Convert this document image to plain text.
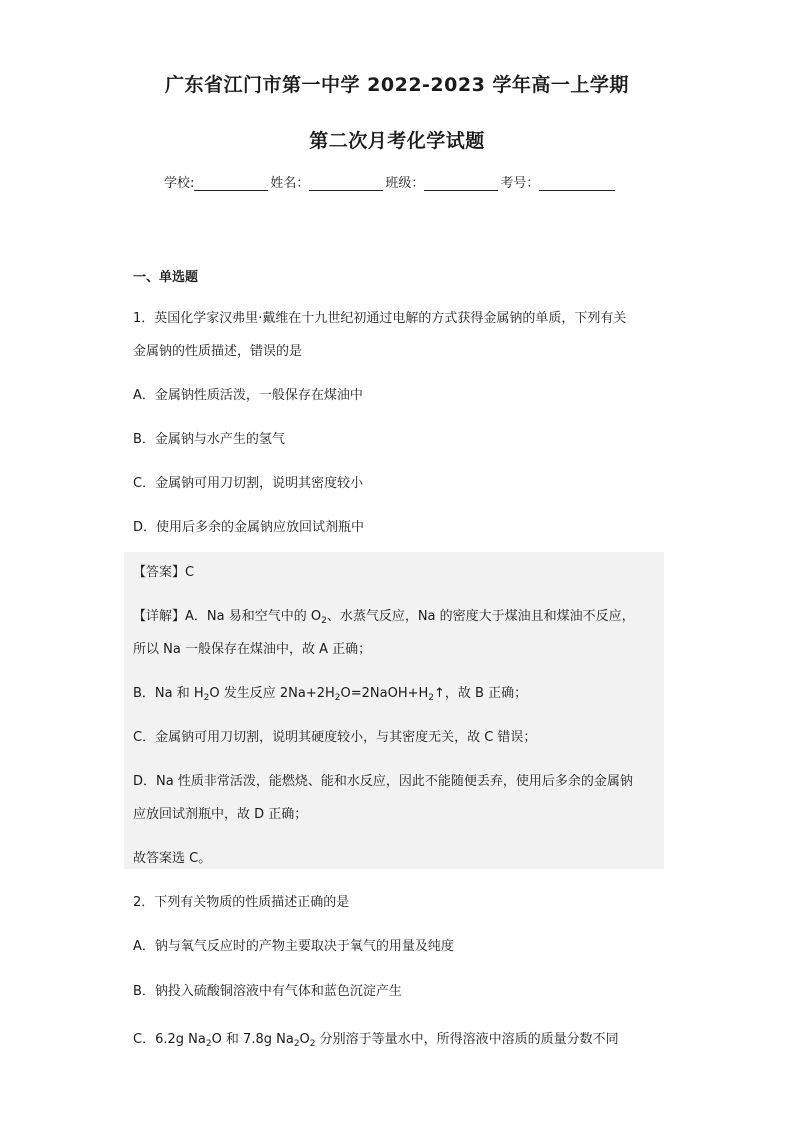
广东省江门市第一中学 2022-2023 学年高一上学期
第二次月考化学试题
学校:	姓名：	班级：	考号：
一、单选题
1．英国化学家汉弗里·戴维在十九世纪初通过电解的方式获得金属钠的单质，下列有关
金属钠的性质描述，错误的是
A．金属钠性质活泼，一般保存在煤油中
B．金属钠与水产生的氢气
C．金属钠可用刀切割，说明其密度较小
D．使用后多余的金属钠应放回试剂瓶中
【答案】C
【详解】A．Na 易和空气中的 $O_2$、水蒸气反应，Na 的密度大于煤油且和煤油不反应，
所以 Na 一般保存在煤油中，故 A 正确；
B．Na 和 $H_2O$ 发生反应 $2Na+2H_2O=2NaOH+H_2↑$，故 B 正确；
C．金属钠可用刀切割，说明其硬度较小，与其密度无关，故 C 错误；
D．Na 性质非常活泼，能燃烧、能和水反应，因此不能随便丢弃，使用后多余的金属钠
应放回试剂瓶中，故 D 正确；
故答案选 C。
2．下列有关物质的性质描述正确的是
A．钠与氧气反应时的产物主要取决于氧气的用量及纯度
B．钠投入硫酸铜溶液中有气体和蓝色沉淀产生
C．6.2g $Na_2O$ 和 7.8g $Na_2O_2$ 分别溶于等量水中，所得溶液中溶质的质量分数不同
